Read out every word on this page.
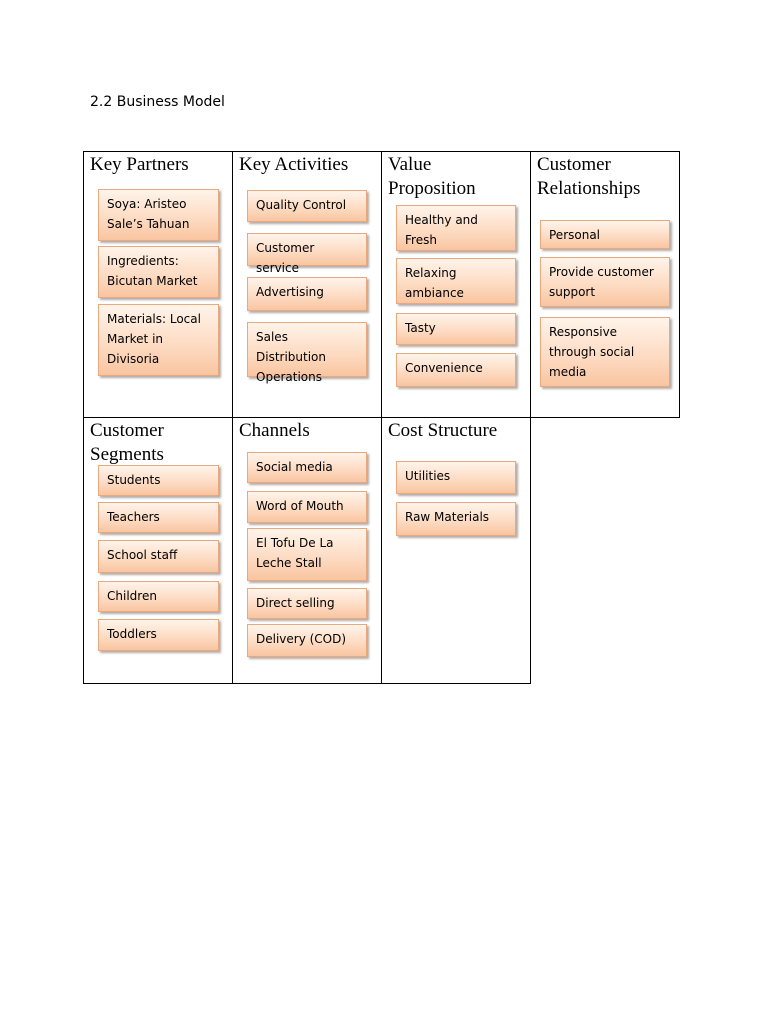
2.2 Business Model
Key Partners
Soya: Aristeo Sale’s Tahuan
Ingredients: Bicutan Market
Materials: Local Market in Divisoria
Key Activities
Quality Control
Customer service
Advertising
Sales Distribution Operations
Value
Proposition
Healthy and Fresh
Relaxing ambiance
Tasty
Convenience
Customer
Relationships
Personal
Provide customer support
Responsive through social media
Customer
Segments
Students
Teachers
School staff
Children
Toddlers
Channels
Social media
Word of Mouth
El Tofu De La Leche Stall
Direct selling
Delivery (COD)
Cost Structure
Utilities
Raw Materials
